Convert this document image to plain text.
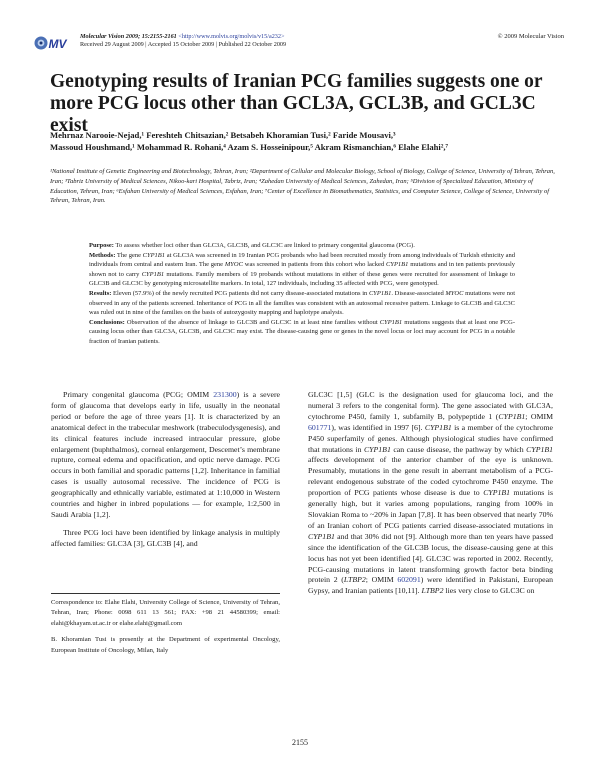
MV
Molecular Vision 2009; 15:2155-2161 <http://www.molvis.org/molvis/v15/a232>
Received 29 August 2009 | Accepted 15 October 2009 | Published 22 October 2009
© 2009 Molecular Vision
Genotyping results of Iranian PCG families suggests one or more PCG locus other than GCL3A, GCL3B, and GCL3C exist
Mehrnaz Narooie-Nejad,¹ Fereshteh Chitsazian,² Betsabeh Khoramian Tusi,² Faride Mousavi,³
Massoud Houshmand,¹ Mohammad R. Rohani,⁴ Azam S. Hosseinipour,⁵ Akram Rismanchian,⁶ Elahe Elahi²,⁷
¹National Institute of Genetic Engineering and Biotechnology, Tehran, Iran; ²Department of Cellular and Molecular Biology, School of Biology, College of Science, University of Tehran, Tehran, Iran; ³Tabriz University of Medical Sciences, Nikoo-kari Hospital, Tabriz, Iran; ⁴Zahedan University of Medical Sciences, Zahedan, Iran; ⁵Division of Specialized Education, Ministry of Education, Tehran, Iran; ⁶Esfahan University of Medical Sciences, Esfahan, Iran; ⁷Center of Excellence in Biomathematics, Statistics, and Computer Science, College of Science, University of Tehran, Tehran, Iran.

Purpose: To assess whether loci other than GLC3A, GLC3B, and GLC3C are linked to primary congenital glaucoma (PCG).

Methods: The gene CYP1B1 at GLC3A was screened in 19 Iranian PCG probands who had been recruited mostly from among individuals of Turkish ethnicity and individuals from central and eastern Iran. The gene MYOC was screened in patients from this cohort who lacked CYP1B1 mutations and in ten patients previously shown not to carry CYP1B1 mutations. Family members of 19 probands without mutations in either of these genes were recruited for assessment of linkage to GLC3B and GLC3C by genotyping microsatellite markers. In total, 127 individuals, including 35 affected with PCG, were genotyped.

Results: Eleven (57.9%) of the newly recruited PCG patients did not carry disease-associated mutations in CYP1B1. Disease-associated MYOC mutations were not observed in any of the patients screened. Inheritance of PCG in all the families was consistent with an autosomal recessive pattern. Linkage to GLC3B and GLC3C was ruled out in nine of the families on the basis of autozygosity mapping and haplotype analysis.

Conclusions: Observation of the absence of linkage to GLC3B and GLC3C in at least nine families without CYP1B1 mutations suggests that at least one PCG-causing locus other than GLC3A, GLC3B, and GLC3C may exist. The disease-causing gene or genes in the novel locus or loci may account for PCG in a notable fraction of Iranian patients.

Primary congenital glaucoma (PCG; OMIM 231300) is a severe form of glaucoma that develops early in life, usually in the neonatal period or before the age of three years [1]. It is characterized by an anatomical defect in the trabecular meshwork (trabeculodysgenesis), and its clinical features include increased intraocular pressure, globe enlargement (buphthalmos), corneal enlargement, Descemet’s membrane rupture, corneal edema and opacification, and optic nerve damage. PCG occurs in both familial and sporadic patterns [1,2]. Inheritance in familial cases is usually autosomal recessive. The incidence of PCG is geographically and ethnically variable, estimated at 1:10,000 in Western countries and higher in inbred populations — for example, 1:2,500 in Saudi Arabia [1,2].

Three PCG loci have been identified by linkage analysis in multiply affected families: GLC3A [3], GLC3B [4], and

Correspondence to: Elahe Elahi, University College of Science, University of Tehran, Tehran, Iran; Phone: 0098 611 13 561; FAX: +98 21 44580399; email: elahi@khayam.ut.ac.ir or elahe.elahi@gmail.com

B. Khoramian Tusi is presently at the Department of experimental Oncology, European Institute of Oncology, Milan, Italy

GLC3C [1,5] (GLC is the designation used for glaucoma loci, and the numeral 3 refers to the congenital form). The gene associated with GLC3A, cytochrome P450, family 1, subfamily B, polypeptide 1 (CYP1B1; OMIM 601771), was identified in 1997 [6]. CYP1B1 is a member of the cytochrome P450 superfamily of genes. Although physiological studies have confirmed that mutations in CYP1B1 can cause disease, the pathway by which CYP1B1 affects development of the anterior chamber of the eye is unknown. Presumably, mutations in the gene result in aberrant metabolism of a PCG-relevant endogenous substrate of the coded cytochrome P450 enzyme. The proportion of PCG patients whose disease is due to CYP1B1 mutations is generally high, but it varies among populations, ranging from 100% in Slovakian Roma to ~20% in Japan [7,8]. It has been observed that nearly 70% of an Iranian cohort of PCG patients carried disease-associated mutations in CYP1B1 and that 30% did not [9]. Although more than ten years have passed since the identification of the GLC3B locus, the disease-causing gene at this locus has not yet been identified [4]. GLC3C was reported in 2002. Recently, PCG-causing mutations in latent transforming growth factor beta binding protein 2 (LTBP2; OMIM 602091) were identified in Pakistani, European Gypsy, and Iranian patients [10,11]. LTBP2 lies very close to GLC3C on

2155
